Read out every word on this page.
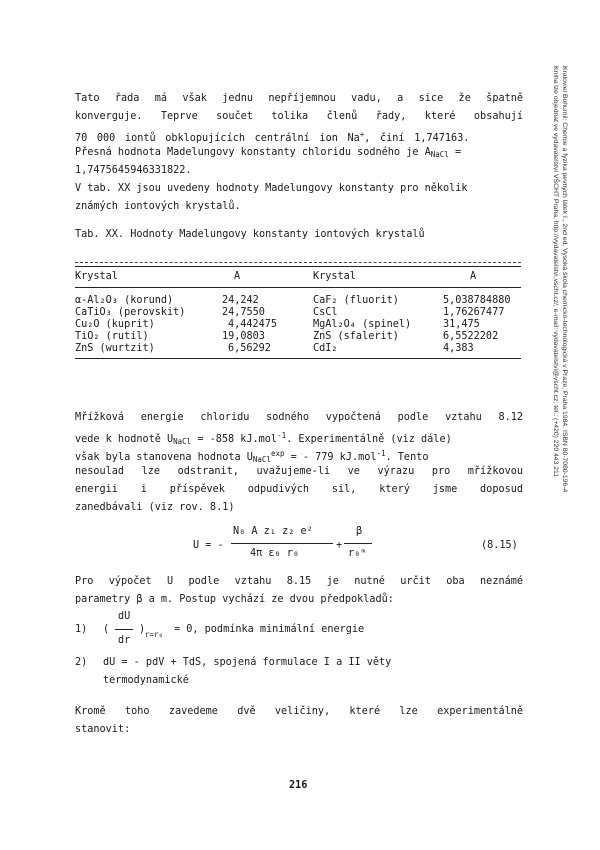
Kraloviel Bohumil: Chemie a fyzika pevných látek I., 2nd ed. Vysoká škola chemicko-technologická v Praze, Praha 1984. ISBN 80-7080-196-4
Kniha lze objednat ve vydavatelství VŠCHT Praha, http://vydavatelstvi.vscht.cz/, e-mail: vydavatelstvi@vscht.cz, tel.: (+420) 220 443 211
Tato řada má však jednu nepříjemnou vadu, a sice že špatně
konverguje. Teprve součet tolika členů řady, které obsahují
70 000 iontů obklopujících centrální ion Na+, činí 1,747163.
Přesná hodnota Madelungovy konstanty chloridu sodného je $A_{NaCl}$ =
1,7475645946331822.
V tab. XX jsou uvedeny hodnoty Madelungovy konstanty pro několik
známých iontových krystalů.
Tab. XX. Hodnoty Madelungovy konstanty iontových krystalů
Krystal	A	Krystal	A
α-Al₂O₃ (korund)	24,242	CaF₂ (fluorit)	5,038784880
CaTiO₃ (perovskit)	24,7550	CsCl	1,76267477
Cu₂O (kuprit)	4,442475	MgAl₂O₄ (spinel)	31,475
TiO₂ (rutil)	19,0803	ZnS (sfalerit)	6,5522202
ZnS (wurtzit)	6,56292	CdI₂	4,383
Mřížková energie chloridu sodného vypočtená podle vztahu 8.12
vede k hodnotě $U_{NaCl} = -858$ kJ.mol$^{-1}$. Experimentálně (viz dále)
však byla stanovena hodnota $U_{NaCl}^{exp}$ = - 779 kJ.mol$^{-1}$. Tento
nesoulad lze odstranit, uvažujeme-li ve výrazu pro mřížkovou
energii i příspěvek odpudivých sil, který jsme doposud
zanedbávali (viz rov. 8.1)
U = -
N₀ A z₁ z₂ e²
4π ε₀ r₀
+
β
r₀ᵐ
(8.15)
Pro výpočet U podle vztahu 8.15 je nutné určit oba neznámé
parametry β a m. Postup vychází ze dvou předpokladů:
1) (
dU
dr
) r=r₀ = 0, podmínka minimální energie
2) dU = - pdV + TdS, spojená formulace I a II věty
termodynamické
Kromě toho zavedeme dvě veličiny, které lze experimentálně
stanovit:
216
